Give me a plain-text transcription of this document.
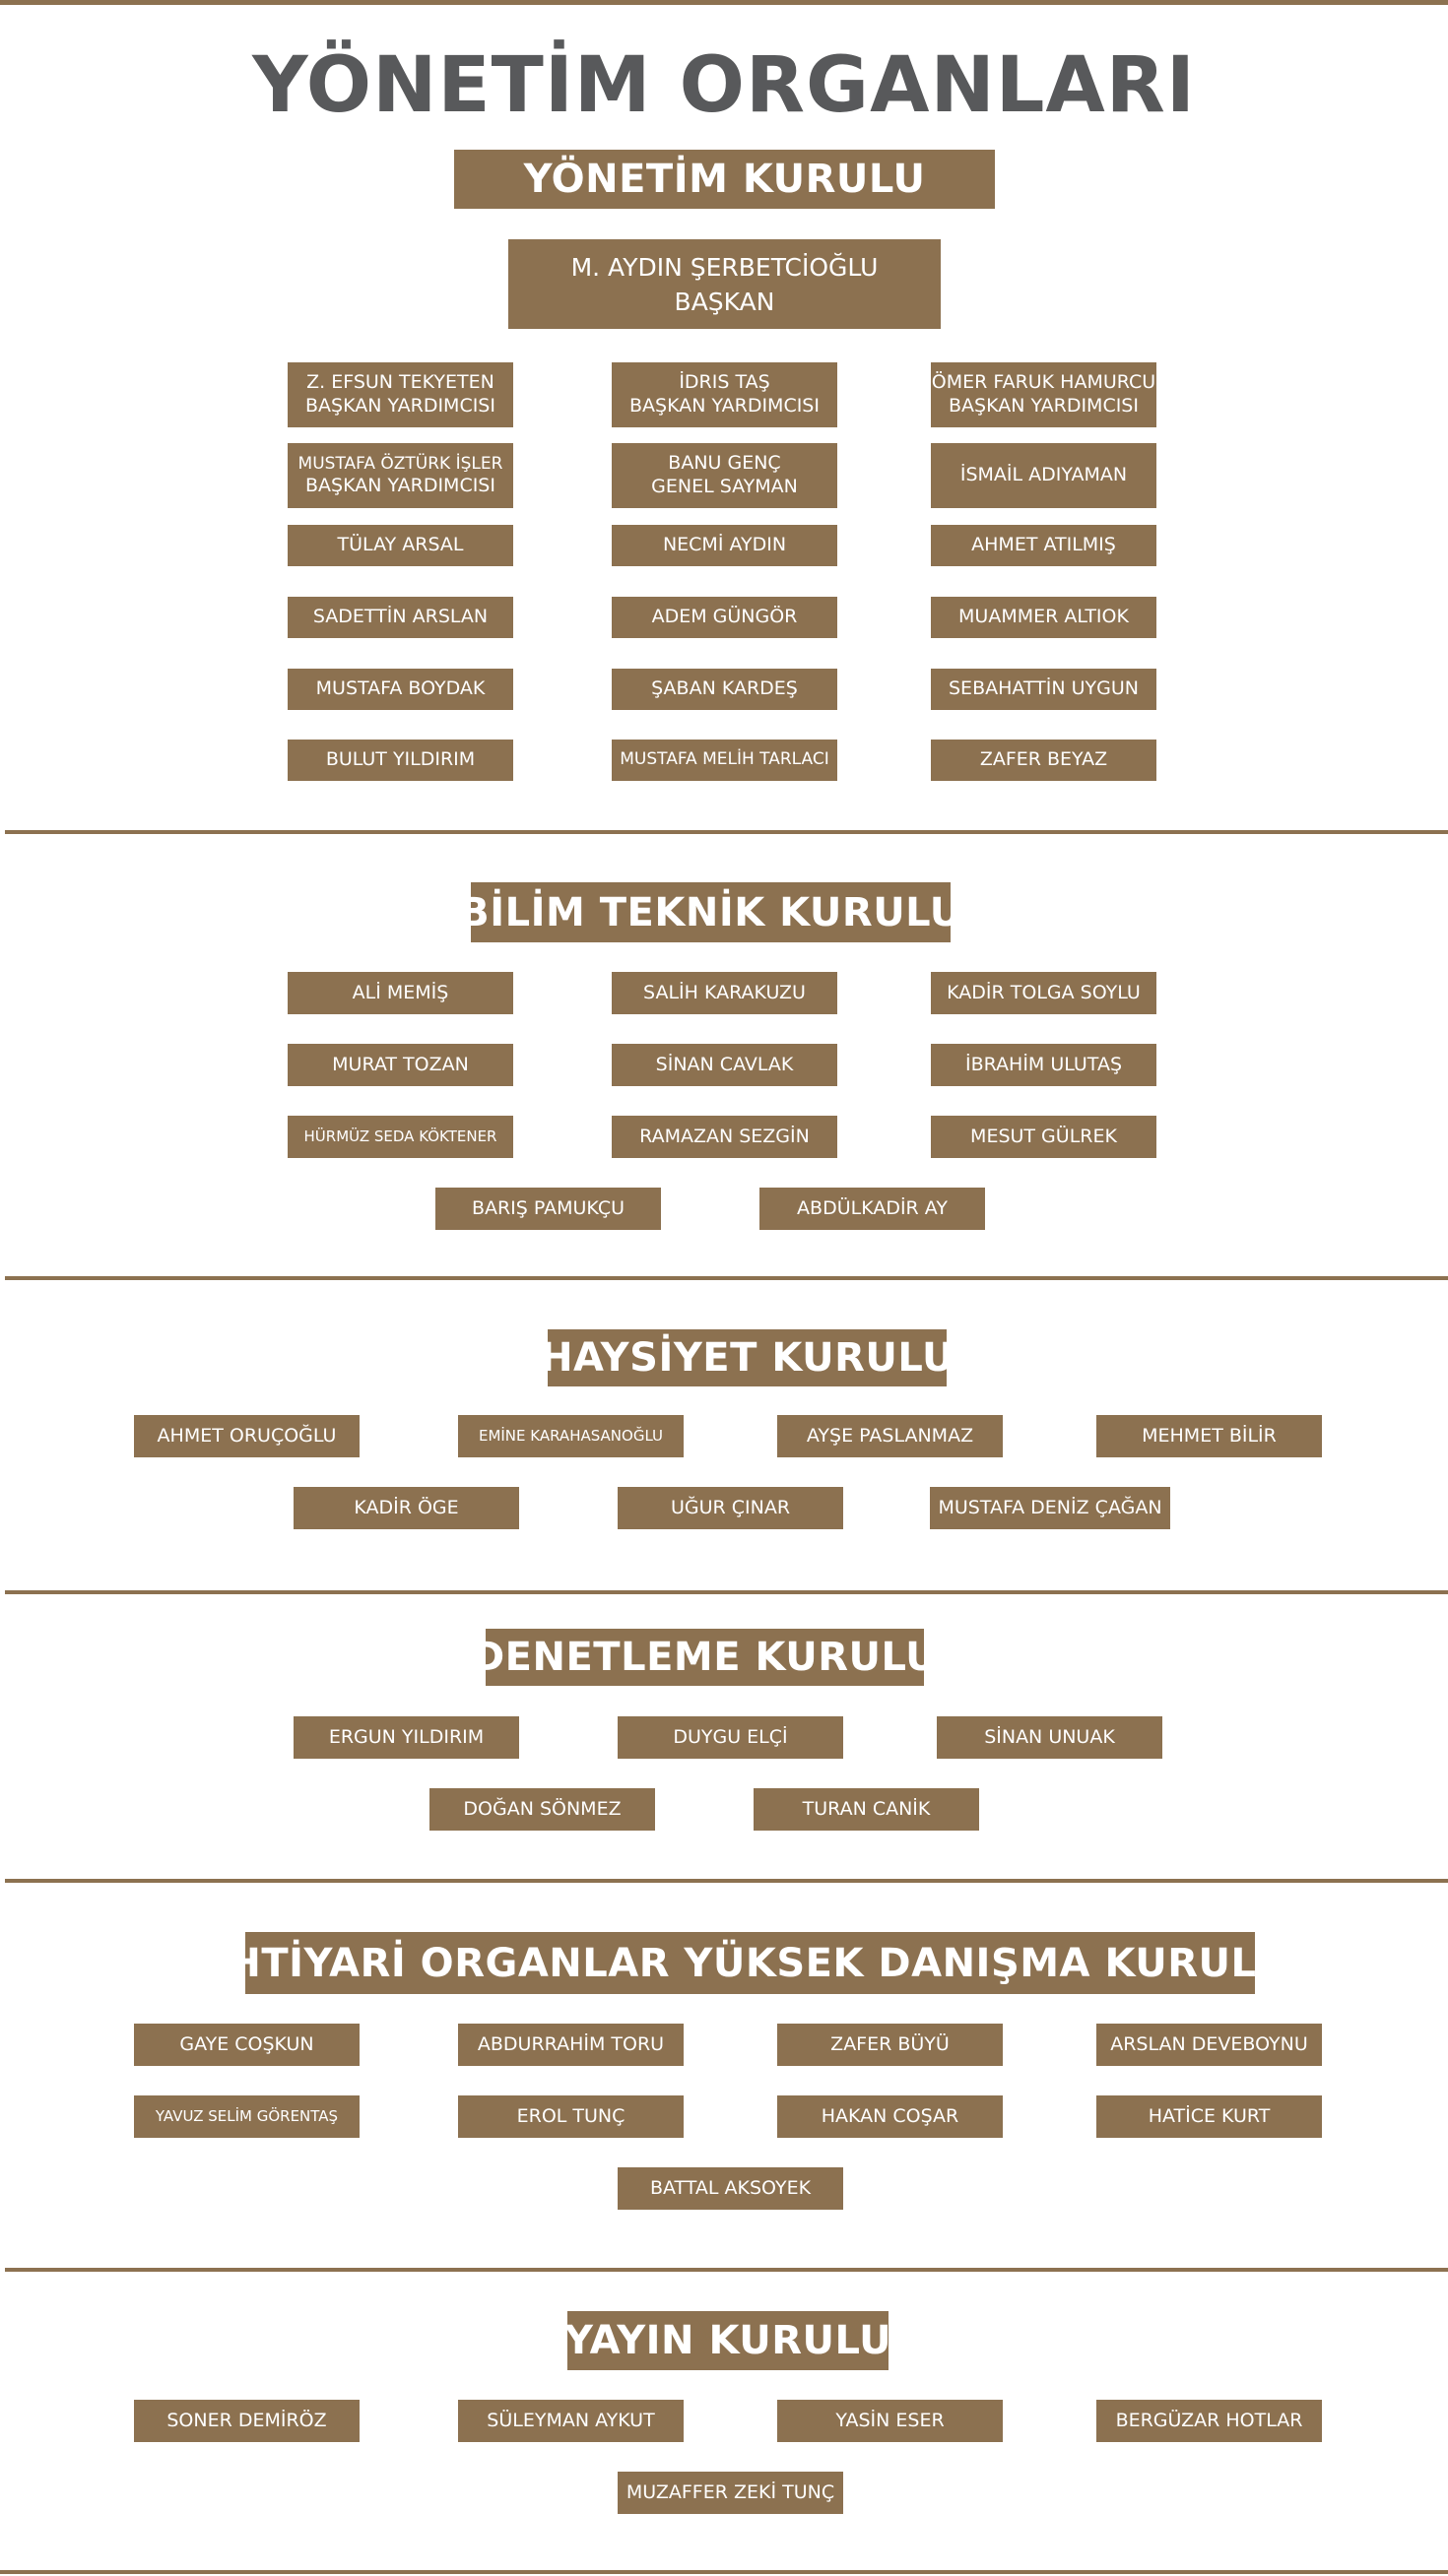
YÖNETİM ORGANLARI
YÖNETİM KURULU
M. AYDIN ŞERBETCİOĞLU
BAŞKAN
Z. EFSUN TEKYETEN
BAŞKAN YARDIMCISI
İDRIS TAŞ
BAŞKAN YARDIMCISI
ÖMER FARUK HAMURCU
BAŞKAN YARDIMCISI
MUSTAFA ÖZTÜRK İŞLER
BAŞKAN YARDIMCISI
BANU GENÇ
GENEL SAYMAN
İSMAİL ADIYAMAN
TÜLAY ARSAL	NECMİ AYDIN	AHMET ATILMIŞ
SADETTİN ARSLAN	ADEM GÜNGÖR	MUAMMER ALTIOK
MUSTAFA BOYDAK	ŞABAN KARDEŞ	SEBAHATTİN UYGUN
BULUT YILDIRIM	MUSTAFA MELİH TARLACI	ZAFER BEYAZ
BİLİM TEKNİK KURULU
ALİ MEMİŞ	SALİH KARAKUZU	KADİR TOLGA SOYLU
MURAT TOZAN	SİNAN CAVLAK	İBRAHİM ULUTAŞ
HÜRMÜZ SEDA KÖKTENER	RAMAZAN SEZGİN	MESUT GÜLREK
BARIŞ PAMUKÇU	ABDÜLKADİR AY
HAYSİYET KURULU
AHMET ORUÇOĞLU	EMİNE KARAHASANOĞLU	AYŞE PASLANMAZ	MEHMET BİLİR
KADİR ÖGE	UĞUR ÇINAR	MUSTAFA DENİZ ÇAĞAN
DENETLEME KURULU
ERGUN YILDIRIM	DUYGU ELÇİ	SİNAN UNUAK
DOĞAN SÖNMEZ	TURAN CANİK
İHTİYARİ ORGANLAR YÜKSEK DANIŞMA KURULU
GAYE COŞKUN	ABDURRAHİM TORU	ZAFER BÜYÜ	ARSLAN DEVEBOYNU
YAVUZ SELİM GÖRENTAŞ	EROL TUNÇ	HAKAN COŞAR	HATİCE KURT
BATTAL AKSOYEK
YAYIN KURULU
SONER DEMİRÖZ	SÜLEYMAN AYKUT	YASİN ESER	BERGÜZAR HOTLAR
MUZAFFER ZEKİ TUNÇ
